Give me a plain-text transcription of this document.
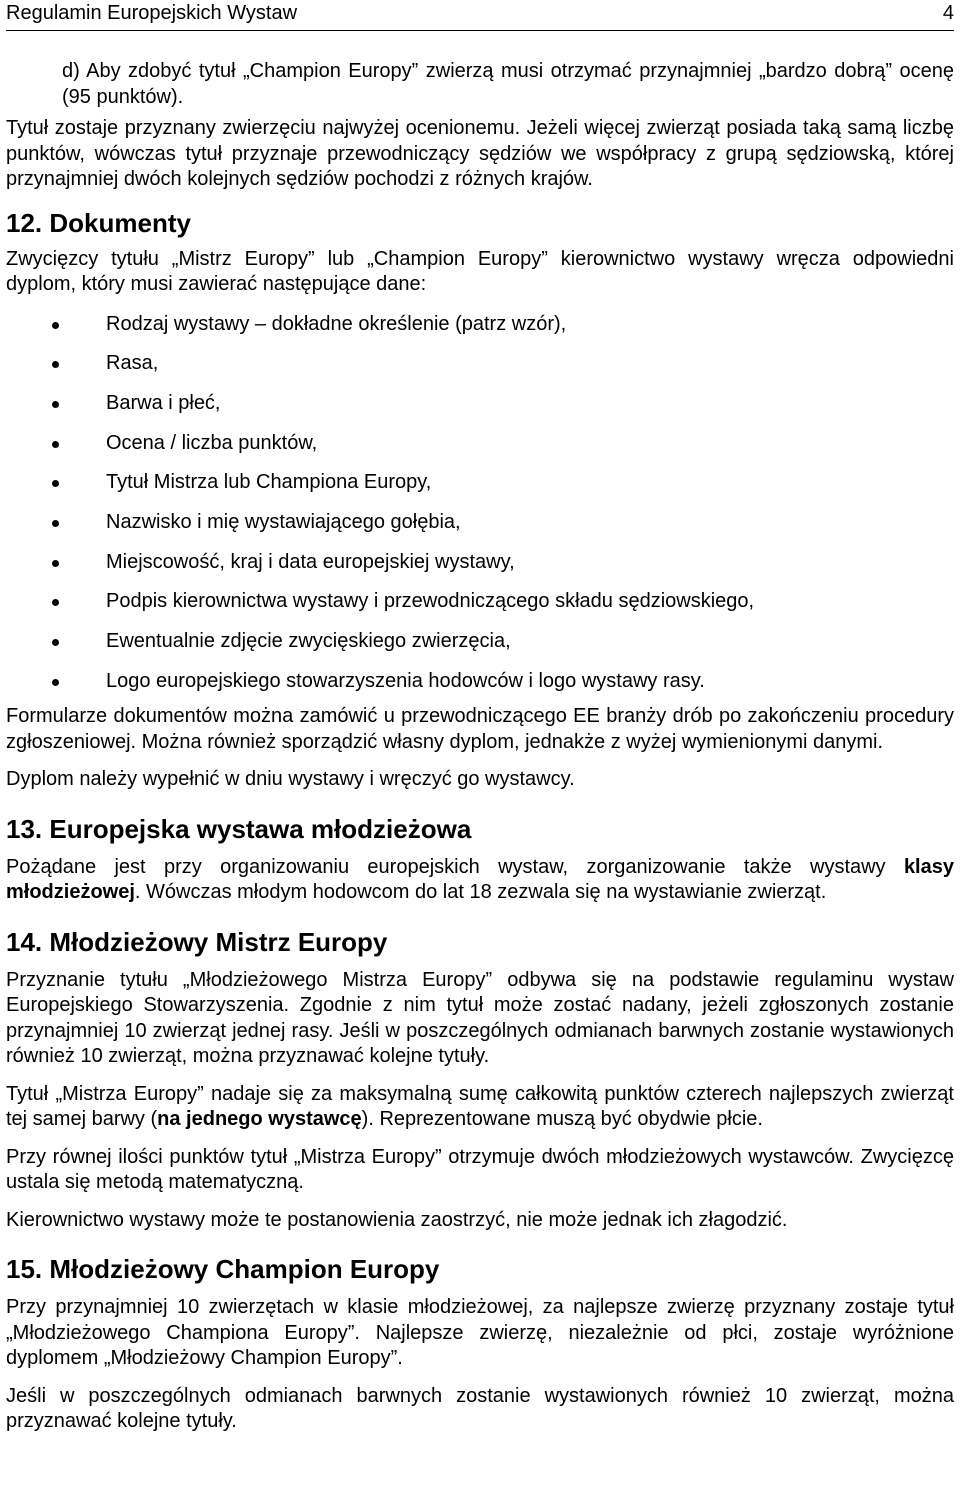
Regulamin Europejskich Wystaw	4

d) Aby zdobyć tytuł „Champion Europy” zwierzą musi otrzymać przynajmniej „bardzo dobrą” ocenę (95 punktów).

Tytuł zostaje przyznany zwierzęciu najwyżej ocenionemu. Jeżeli więcej zwierząt posiada taką samą liczbę punktów, wówczas tytuł przyznaje przewodniczący sędziów we współpracy z grupą sędziowską, której przynajmniej dwóch kolejnych sędziów pochodzi z różnych krajów.

12. Dokumenty

Zwycięzcy tytułu „Mistrz Europy” lub „Champion Europy” kierownictwo wystawy wręcza odpowiedni dyplom, który musi zawierać następujące dane:

Rodzaj wystawy – dokładne określenie (patrz wzór),
Rasa,
Barwa i płeć,
Ocena / liczba punktów,
Tytuł Mistrza lub Championa Europy,
Nazwisko i mię wystawiającego gołębia,
Miejscowość, kraj i data europejskiej wystawy,
Podpis kierownictwa wystawy i przewodniczącego składu sędziowskiego,
Ewentualnie zdjęcie zwycięskiego zwierzęcia,
Logo europejskiego stowarzyszenia hodowców i logo wystawy rasy.

Formularze dokumentów można zamówić u przewodniczącego EE branży drób po zakończeniu procedury zgłoszeniowej. Można również sporządzić własny dyplom, jednakże z wyżej wymienionymi danymi.

Dyplom należy wypełnić w dniu wystawy i wręczyć go wystawcy.

13. Europejska wystawa młodzieżowa

Pożądane jest przy organizowaniu europejskich wystaw, zorganizowanie także wystawy klasy młodzieżowej. Wówczas młodym hodowcom do lat 18 zezwala się na wystawianie zwierząt.

14. Młodzieżowy Mistrz Europy

Przyznanie tytułu „Młodzieżowego Mistrza Europy” odbywa się na podstawie regulaminu wystaw Europejskiego Stowarzyszenia. Zgodnie z nim tytuł może zostać nadany, jeżeli zgłoszonych zostanie przynajmniej 10 zwierząt jednej rasy. Jeśli w poszczególnych odmianach barwnych zostanie wystawionych również 10 zwierząt, można przyznawać kolejne tytuły.

Tytuł „Mistrza Europy” nadaje się za maksymalną sumę całkowitą punktów czterech najlepszych zwierząt tej samej barwy (na jednego wystawcę). Reprezentowane muszą być obydwie płcie.

Przy równej ilości punktów tytuł „Mistrza Europy” otrzymuje dwóch młodzieżowych wystawców. Zwycięzcę ustala się metodą matematyczną.

Kierownictwo wystawy może te postanowienia zaostrzyć, nie może jednak ich złagodzić.

15. Młodzieżowy Champion Europy

Przy przynajmniej 10 zwierzętach w klasie młodzieżowej, za najlepsze zwierzę przyznany zostaje tytuł „Młodzieżowego Championa Europy”. Najlepsze zwierzę, niezależnie od płci, zostaje wyróżnione dyplomem „Młodzieżowy Champion Europy”.

Jeśli w poszczególnych odmianach barwnych zostanie wystawionych również 10 zwierząt, można przyznawać kolejne tytuły.
